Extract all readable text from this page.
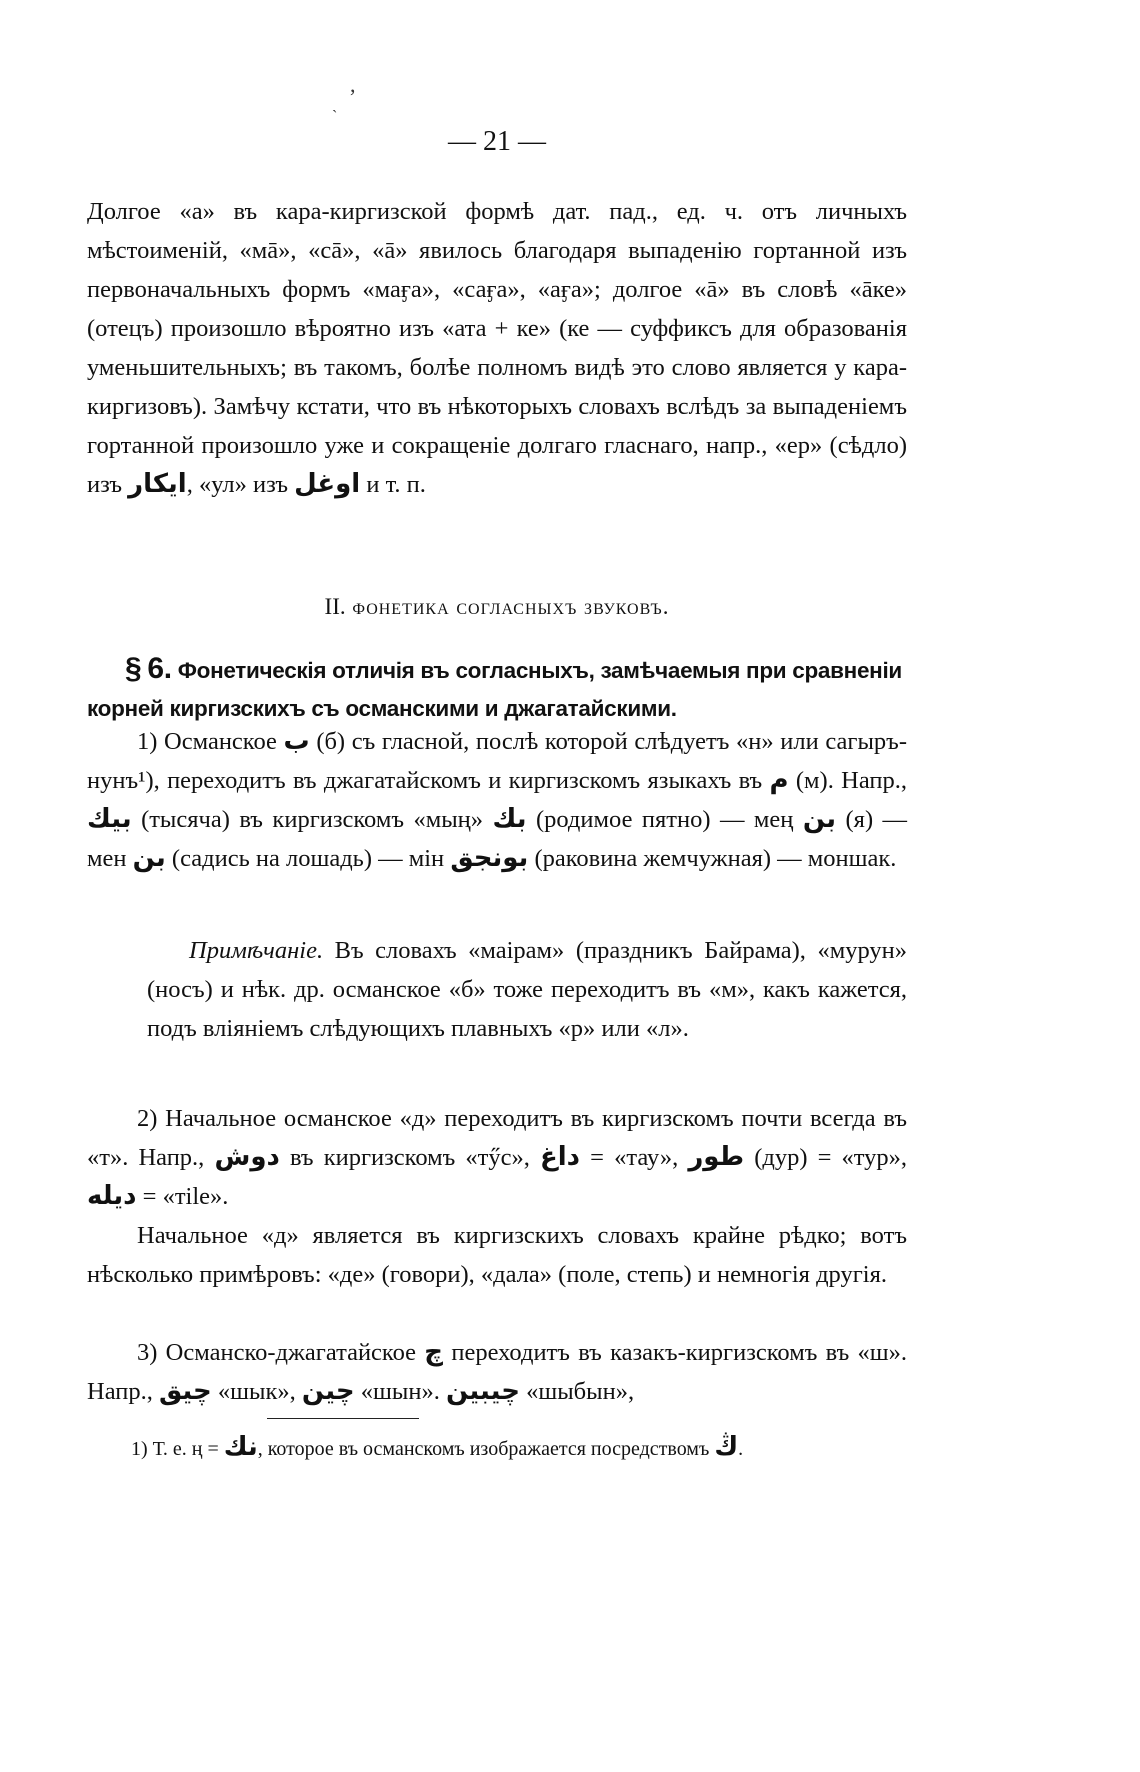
,
ˎ
— 21 —
Долгое «а» въ кара-киргизской формѣ дат. пад., ед. ч. отъ личныхъ мѣстоименій, «мā», «сā», «ā» явилось благодаря выпаденію гортанной изъ первоначальныхъ формъ «маӻа», «саӻа», «аӻа»; долгое «ā» въ словѣ «āке» (отецъ) произошло вѣроятно изъ «ата + ке» (ке — суффиксъ для образованія уменьшительныхъ; въ такомъ, болѣе полномъ видѣ это слово является у кара-киргизовъ). Замѣчу кстати, что въ нѣкоторыхъ словахъ вслѣдъ за выпаденіемъ гортанной произошло уже и сокращеніе долгаго гласнаго, напр., «ер» (сѣдло) изъ ایکار, «ул» изъ اوغل и т. п.
II. фонетика согласныхъ звуковъ.
§ 6. Фонетическія отличія въ согласныхъ, замѣчаемыя при сравненіи корней киргизскихъ съ османскими и джагатайскими.
1) Османское ب (б) съ гласной, послѣ которой слѣдуетъ «н» или сагыръ-нунъ¹), переходитъ въ джагатайскомъ и киргизскомъ языкахъ въ م (м). Напр., بيك (тысяча) въ киргизскомъ «мың» بك (родимое пятно) — мең بن (я) — мен بن (садись на лошадь) — мін بونجق (раковина жемчужная) — моншак.
Примѣчаніе. Въ словахъ «маірам» (праздникъ Байрама), «мурун» (носъ) и нѣк. др. османское «б» тоже переходитъ въ «м», какъ кажется, подъ вліяніемъ слѣдующихъ плавныхъ «р» или «л».
2) Начальное османское «д» переходитъ въ киргизскомъ почти всегда въ «т». Напр., دوش въ киргизскомъ «тӳс», داغ = «тау», طور (дур) = «тур», دیله = «тіlе».
Начальное «д» является въ киргизскихъ словахъ крайне рѣдко; вотъ нѣсколько примѣровъ: «де» (говори), «дала» (поле, степь) и немногія другія.
3) Османско-джагатайское چ переходитъ въ казакъ-киргизскомъ въ «ш». Напр., چيق «шык», چين «шын». چيبين «шыбын»,
1) Т. е. ң = نك, которое въ османскомъ изображается посредствомъ ڭ.
